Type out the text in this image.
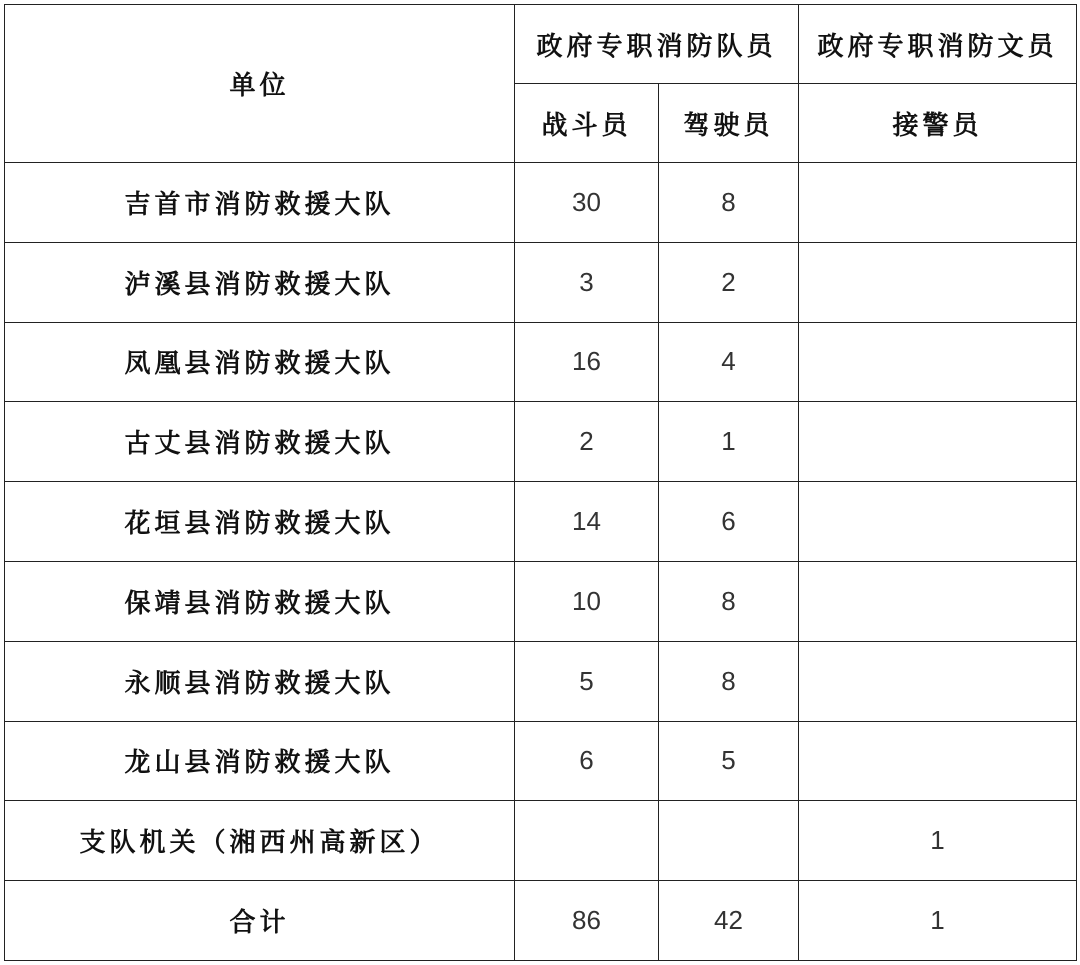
单位	政府专职消防队员		政府专职消防文员
	战斗员	驾驶员	接警员
吉首市消防救援大队	30	8	
泸溪县消防救援大队	3	2	
凤凰县消防救援大队	16	4	
古丈县消防救援大队	2	1	
花垣县消防救援大队	14	6	
保靖县消防救援大队	10	8	
永顺县消防救援大队	5	8	
龙山县消防救援大队	6	5	
支队机关（湘西州高新区）			1
合计	86	42	1
